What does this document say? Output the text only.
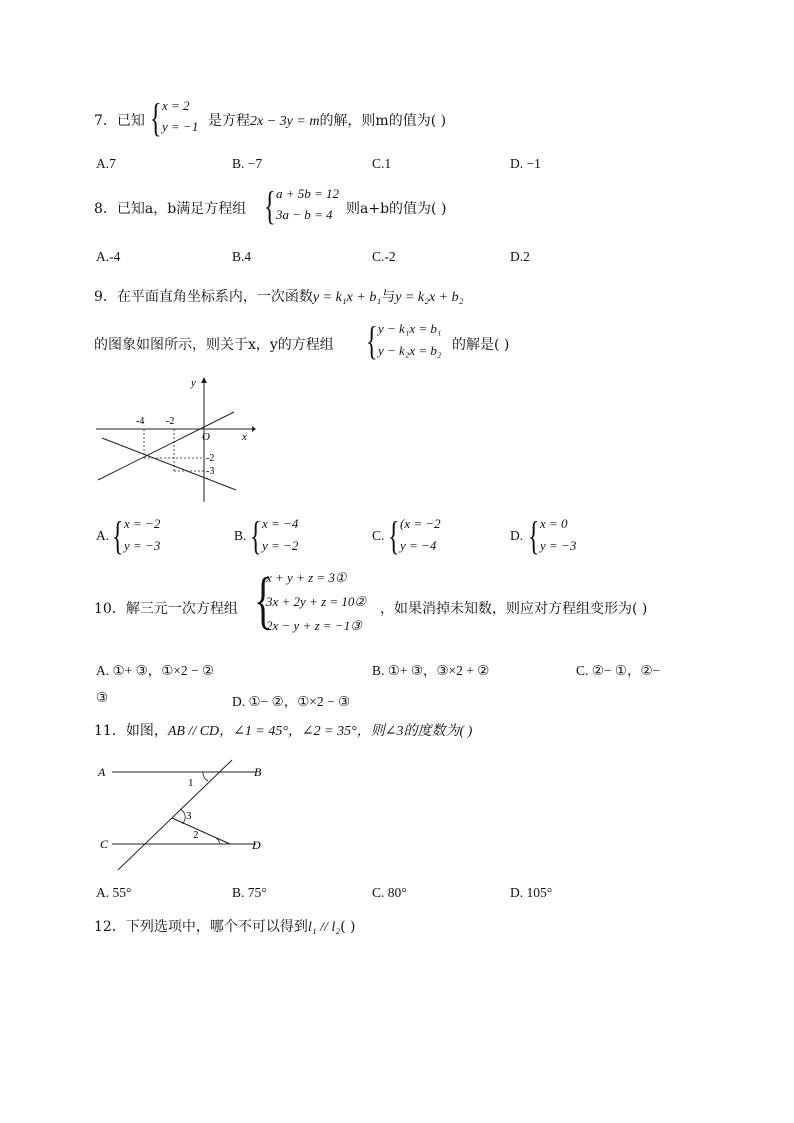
7．已知 { x = 2
y = −1 是方程2x − 3y = m的解，则m的值为( )
A.7	B. −7	C.1	D. −1
8．已知a，b满足方程组 { a + 5b = 12
3a − b = 4 则a+b的值为( )
A.-4	B.4	C.-2	D.2
9．在平面直角坐标系内，一次函数y = k₁x + b₁与y = k₂x + b₂
的图象如图所示，则关于x，y的方程组 { y − k₁x = b₁
y − k₂x = b₂ 的解是( )
x
y
O
-4 -2
-2
-3
A. { x = −2
y = −3
B. { x = −4
y = −2
C. { (x = −2
y = −4
D. { x = 0
y = −3
10．解三元一次方程组 {
x + y + z = 3①
3x + 2y + z = 10②
2x − y + z = −1③
，如果消掉未知数，则应对方程组变形为( )
A. ①+ ③，①×2 − ②	B. ①+ ③，③×2 + ②	C. ②− ①，②−
③	D. ①− ②，①×2 − ③
11．如图，AB // CD，∠1 = 45°，∠2 = 35°，则∠3的度数为( )
A	B
C	D
1
3
2
A. 55°	B. 75°	C. 80°	D. 105°
12．下列选项中，哪个不可以得到l₁ // l₂( )
